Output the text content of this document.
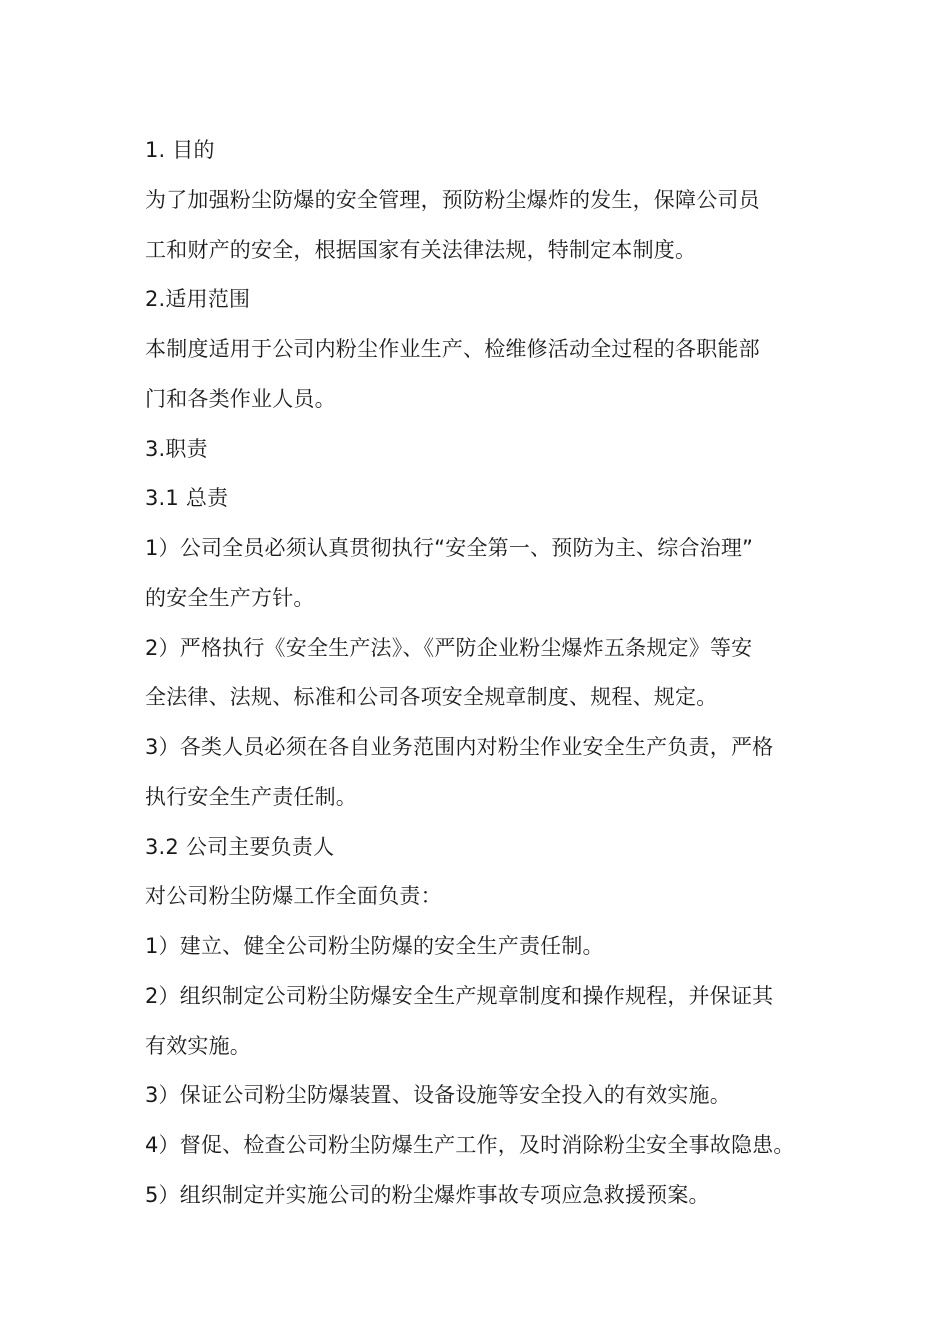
1. 目的
为了加强粉尘防爆的安全管理，预防粉尘爆炸的发生，保障公司员
工和财产的安全，根据国家有关法律法规，特制定本制度。
2.适用范围
本制度适用于公司内粉尘作业生产、检维修活动全过程的各职能部
门和各类作业人员。
3.职责
3.1 总责
1）公司全员必须认真贯彻执行“安全第一、预防为主、综合治理”
的安全生产方针。
2）严格执行《安全生产法》、《严防企业粉尘爆炸五条规定》等安
全法律、法规、标准和公司各项安全规章制度、规程、规定。
3）各类人员必须在各自业务范围内对粉尘作业安全生产负责，严格
执行安全生产责任制。
3.2 公司主要负责人
对公司粉尘防爆工作全面负责：
1）建立、健全公司粉尘防爆的安全生产责任制。
2）组织制定公司粉尘防爆安全生产规章制度和操作规程，并保证其
有效实施。
3）保证公司粉尘防爆装置、设备设施等安全投入的有效实施。
4）督促、检查公司粉尘防爆生产工作，及时消除粉尘安全事故隐患。
5）组织制定并实施公司的粉尘爆炸事故专项应急救援预案。
